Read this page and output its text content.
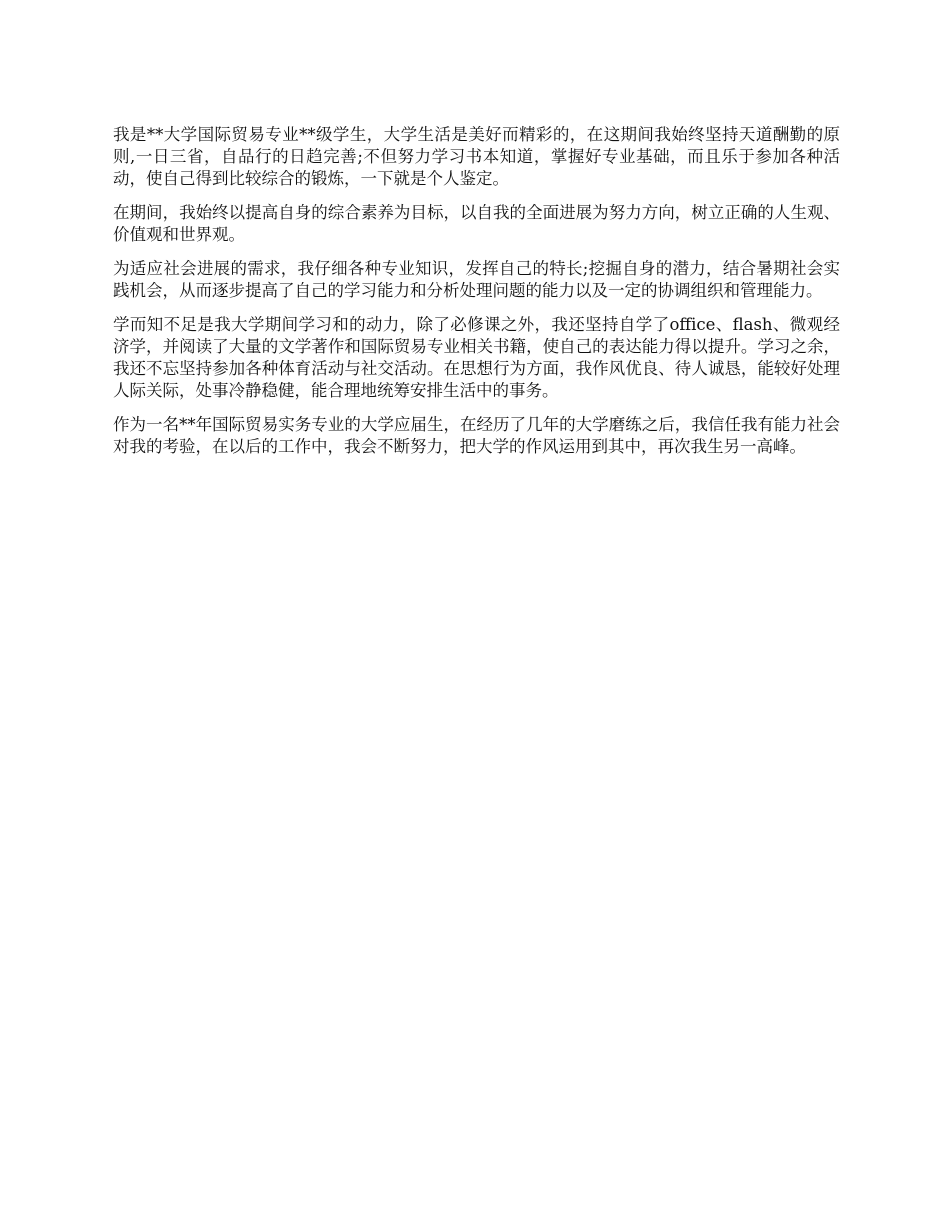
我是**大学国际贸易专业**级学生，大学生活是美好而精彩的，在这期间我始终坚持天道酬勤的原则,一日三省，自品行的日趋完善;不但努力学习书本知道，掌握好专业基础，而且乐于参加各种活动，使自己得到比较综合的锻炼，一下就是个人鉴定。

在期间，我始终以提高自身的综合素养为目标，以自我的全面进展为努力方向，树立正确的人生观、价值观和世界观。

为适应社会进展的需求，我仔细各种专业知识，发挥自己的特长;挖掘自身的潜力，结合暑期社会实践机会，从而逐步提高了自己的学习能力和分析处理问题的能力以及一定的协调组织和管理能力。

学而知不足是我大学期间学习和的动力，除了必修课之外，我还坚持自学了office、flash、微观经济学，并阅读了大量的文学著作和国际贸易专业相关书籍，使自己的表达能力得以提升。学习之余，我还不忘坚持参加各种体育活动与社交活动。在思想行为方面，我作风优良、待人诚恳，能较好处理人际关际，处事冷静稳健，能合理地统筹安排生活中的事务。

作为一名**年国际贸易实务专业的大学应届生，在经历了几年的大学磨练之后，我信任我有能力社会对我的考验，在以后的工作中，我会不断努力，把大学的作风运用到其中，再次我生另一高峰。
